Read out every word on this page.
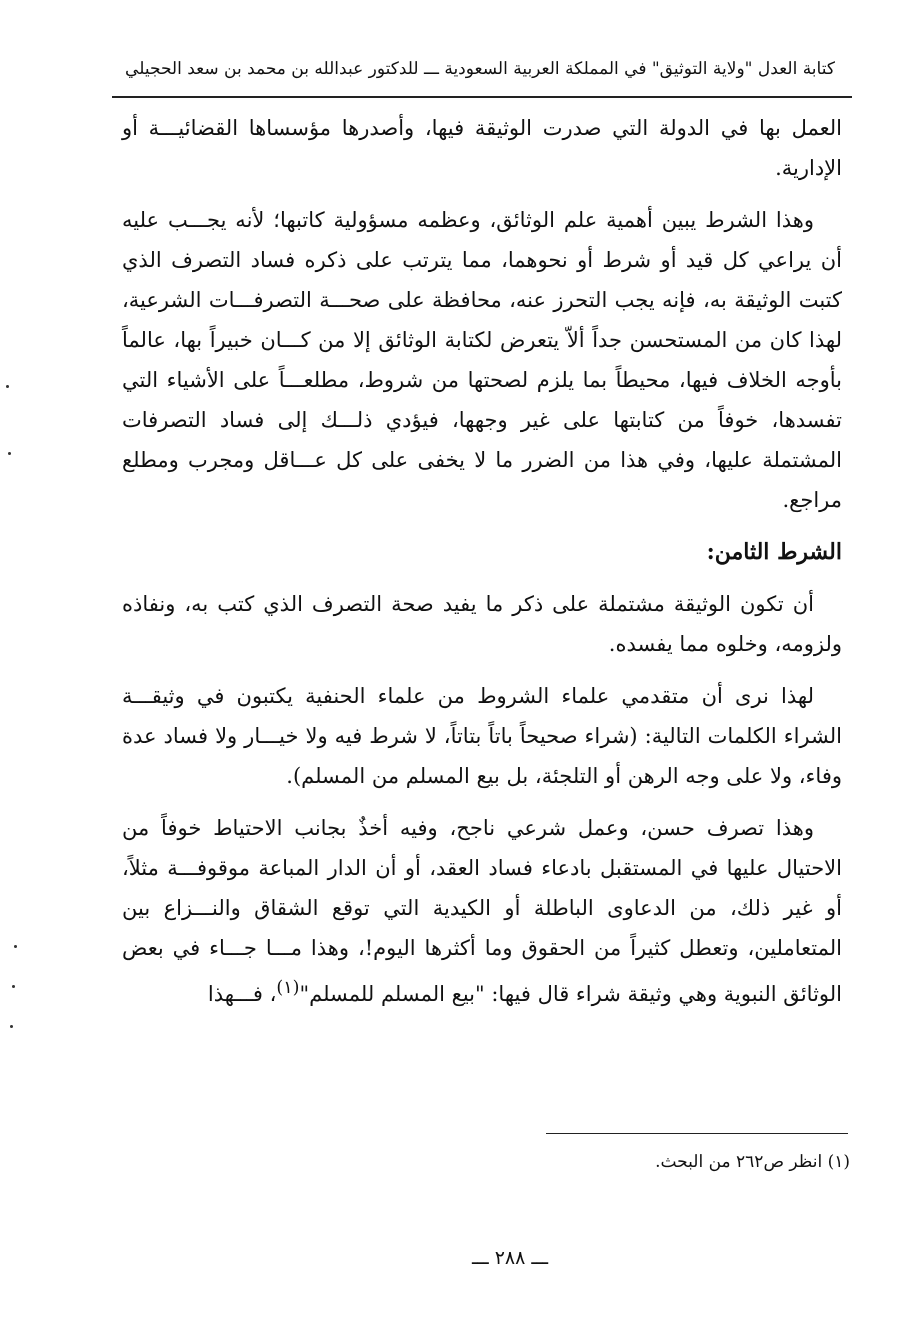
كتابة العدل "ولاية التوثيق" في المملكة العربية السعودية ـــ للدكتور عبدالله بن محمد بن سعد الحجيلي

العمل بها في الدولة التي صدرت الوثيقة فيها، وأصدرها مؤسساها القضائيـــة أو الإدارية.

وهذا الشرط يبين أهمية علم الوثائق، وعظمه مسؤولية كاتبها؛ لأنه يجـــب عليه أن يراعي كل قيد أو شرط أو نحوهما، مما يترتب على ذكره فساد التصرف الذي كتبت الوثيقة به، فإنه يجب التحرز عنه، محافظة على صحـــة التصرفـــات الشرعية، لهذا كان من المستحسن جداً ألاّ يتعرض لكتابة الوثائق إلا من كـــان خبيراً بها، عالماً بأوجه الخلاف فيها، محيطاً بما يلزم لصحتها من شروط، مطلعـــاً على الأشياء التي تفسدها، خوفاً من كتابتها على غير وجهها، فيؤدي ذلـــك إلى فساد التصرفات المشتملة عليها، وفي هذا من الضرر ما لا يخفى على كل عـــاقل ومجرب ومطلع مراجع.

الشرط الثامن:

أن تكون الوثيقة مشتملة على ذكر ما يفيد صحة التصرف الذي كتب به، ونفاذه ولزومه، وخلوه مما يفسده.

لهذا نرى أن متقدمي علماء الشروط من علماء الحنفية يكتبون في وثيقـــة الشراء الكلمات التالية: (شراء صحيحاً باتاً بتاتاً، لا شرط فيه ولا خيـــار ولا فساد عدة وفاء، ولا على وجه الرهن أو التلجئة، بل بيع المسلم من المسلم).

وهذا تصرف حسن، وعمل شرعي ناجح، وفيه أخذٌ بجانب الاحتياط خوفاً من الاحتيال عليها في المستقبل بادعاء فساد العقد، أو أن الدار المباعة موقوفـــة مثلاً، أو غير ذلك، من الدعاوى الباطلة أو الكيدية التي توقع الشقاق والنـــزاع بين المتعاملين، وتعطل كثيراً من الحقوق وما أكثرها اليوم!، وهذا مـــا جـــاء في بعض الوثائق النبوية وهي وثيقة شراء قال فيها: "بيع المسلم للمسلم"$^{(١)}$، فـــهذا

(١) انظر ص٢٦٢ من البحث.
ـــ ٢٨٨ ـــ
